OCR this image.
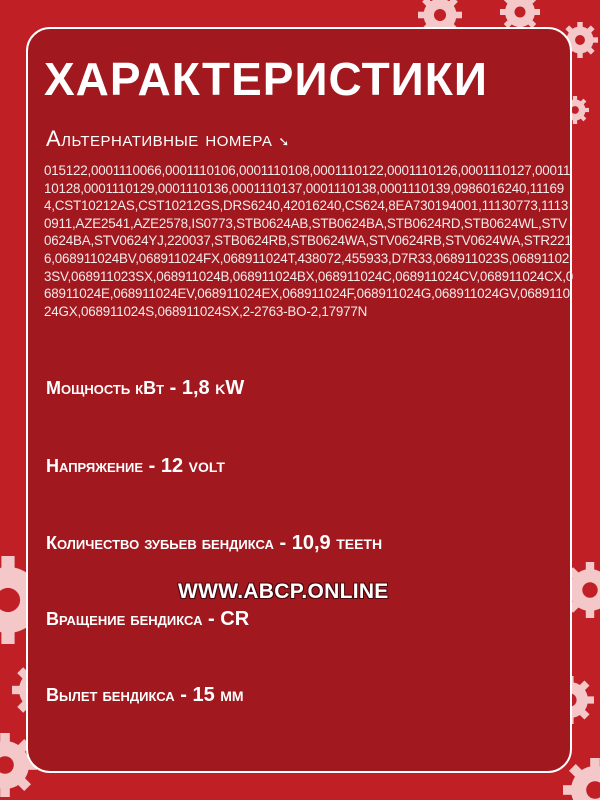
ХАРАКТЕРИСТИКИ
Альтернативные номера ➘
015122,0001110066,0001110106,0001110108,0001110122,0001110126,0001110127,0001110128,0001110129,0001110136,0001110137,0001110138,0001110139,0986016240,111694,CST10212AS,CST10212GS,DRS6240,42016240,CS624,8EA730194001,11130773,11130911,AZE2541,AZE2578,IS0773,STB0624AB,STB0624BA,STB0624RD,STB0624WL,STV0624BA,STV0624YJ,220037,STB0624RB,STB0624WA,STV0624RB,STV0624WA,STR2216,068911024BV,068911024FX,068911024T,438072,455933,D7R33,068911023S,068911023SV,068911023SX,068911024B,068911024BX,068911024C,068911024CV,068911024CX,068911024E,068911024EV,068911024EX,068911024F,068911024G,068911024GV,068911024GX,068911024S,068911024SX,2-2763-BO-2,17977N
Мощность кВт - 1,8 kW
Напряжение - 12 volt
Количество зубьев бендикса - 10,9 teeth
WWW.ABCP.ONLINE
Вращение бендикса - CR
Вылет бендикса - 15 мм
